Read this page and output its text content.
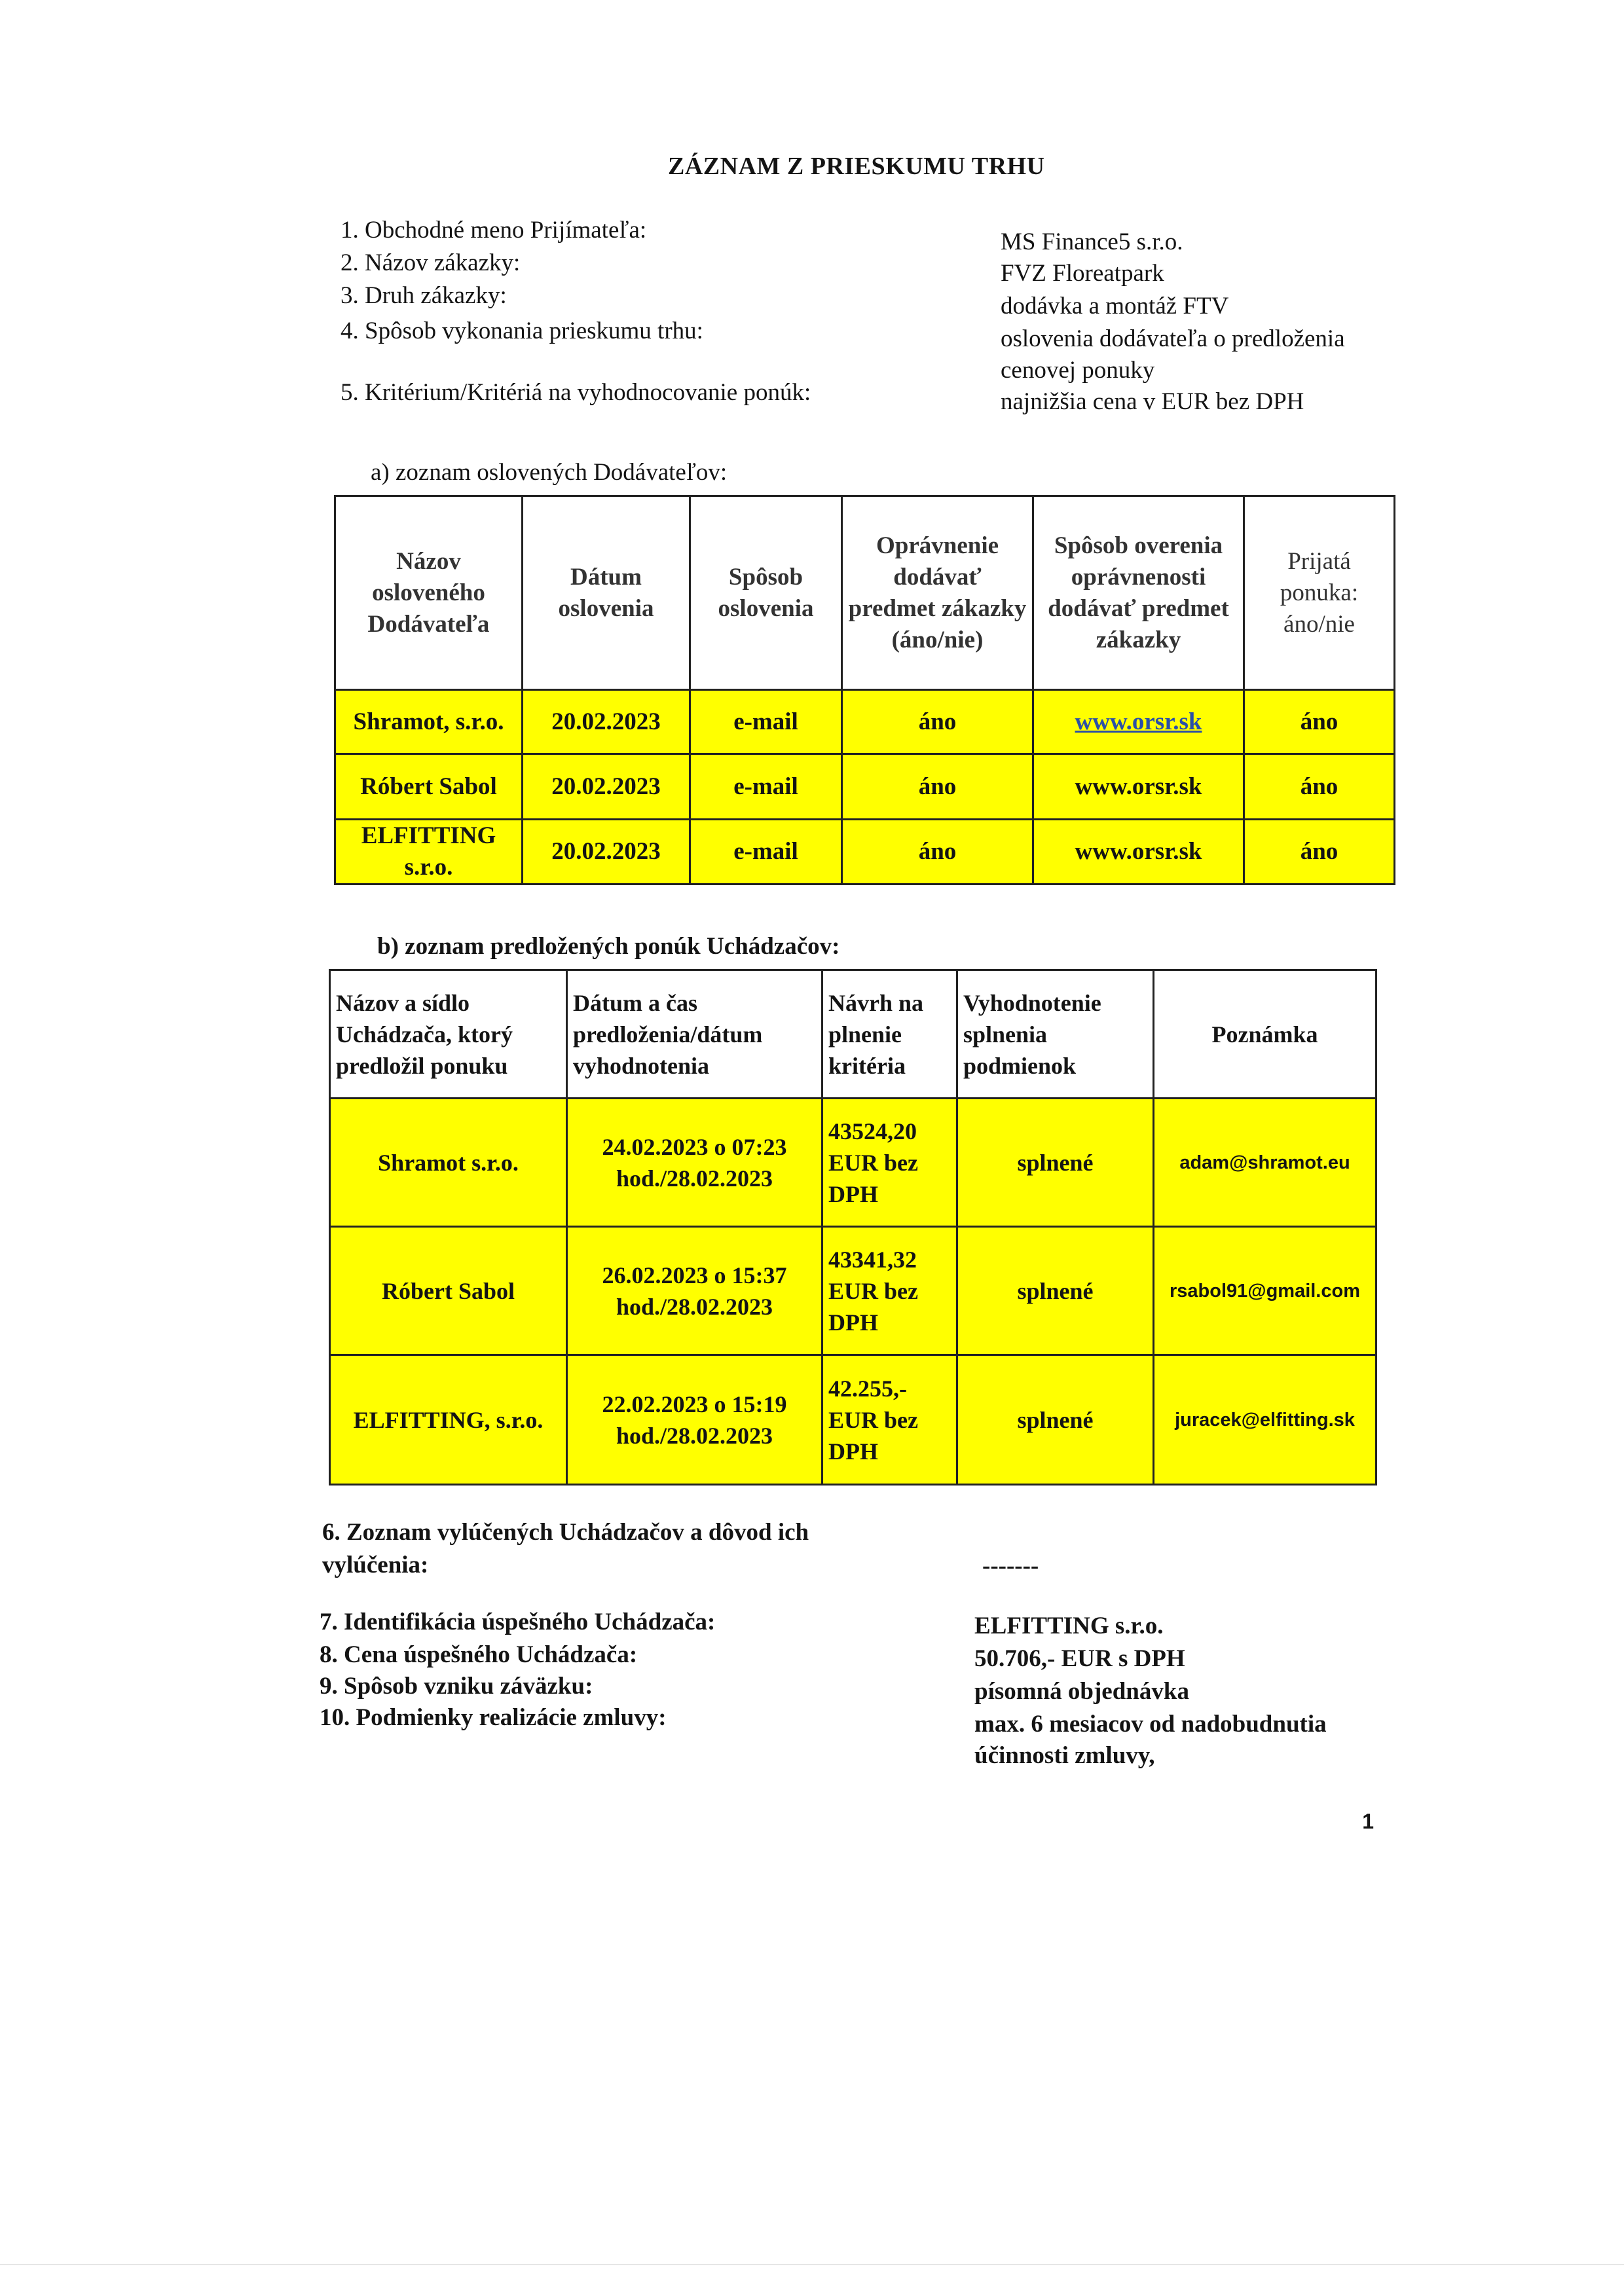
ZÁZNAM Z PRIESKUMU TRHU
1. Obchodné meno Prijímateľa:	MS Finance5 s.r.o.
2. Názov zákazky:	FVZ Floreatpark
3. Druh zákazky:	dodávka a montáž FTV
4. Spôsob vykonania prieskumu trhu:	oslovenia dodávateľa o predloženia
cenovej ponuky
5. Kritérium/Kritériá na vyhodnocovanie ponúk:	najnižšia cena v EUR bez DPH
a) zoznam oslovených Dodávateľov:
Názov osloveného Dodávateľa	Dátum oslovenia	Spôsob oslovenia	Oprávnenie dodávať predmet zákazky (áno/nie)	Spôsob overenia oprávnenosti dodávať predmet zákazky	Prijatá ponuka: áno/nie
Shramot, s.r.o.	20.02.2023	e-mail	áno	www.orsr.sk	áno
Róbert Sabol	20.02.2023	e-mail	áno	www.orsr.sk	áno
ELFITTING s.r.o.	20.02.2023	e-mail	áno	www.orsr.sk	áno
b) zoznam predložených ponúk Uchádzačov:
Názov a sídlo Uchádzača, ktorý predložil ponuku	Dátum a čas predloženia/dátum vyhodnotenia	Návrh na plnenie kritéria	Vyhodnotenie splnenia podmienok	Poznámka
Shramot s.r.o.	24.02.2023 o 07:23 hod./28.02.2023	43524,20 EUR bez DPH	splnené	adam@shramot.eu
Róbert Sabol	26.02.2023 o 15:37 hod./28.02.2023	43341,32 EUR bez DPH	splnené	rsabol91@gmail.com
ELFITTING, s.r.o.	22.02.2023 o 15:19 hod./28.02.2023	42.255,- EUR bez DPH	splnené	juracek@elfitting.sk
6. Zoznam vylúčených Uchádzačov a dôvod ich vylúčenia:	-------
7. Identifikácia úspešného Uchádzača:	ELFITTING s.r.o.
8. Cena úspešného Uchádzača:	50.706,- EUR s DPH
9. Spôsob vzniku záväzku:	písomná objednávka
10. Podmienky realizácie zmluvy:	max. 6 mesiacov od nadobudnutia účinnosti zmluvy,
1
